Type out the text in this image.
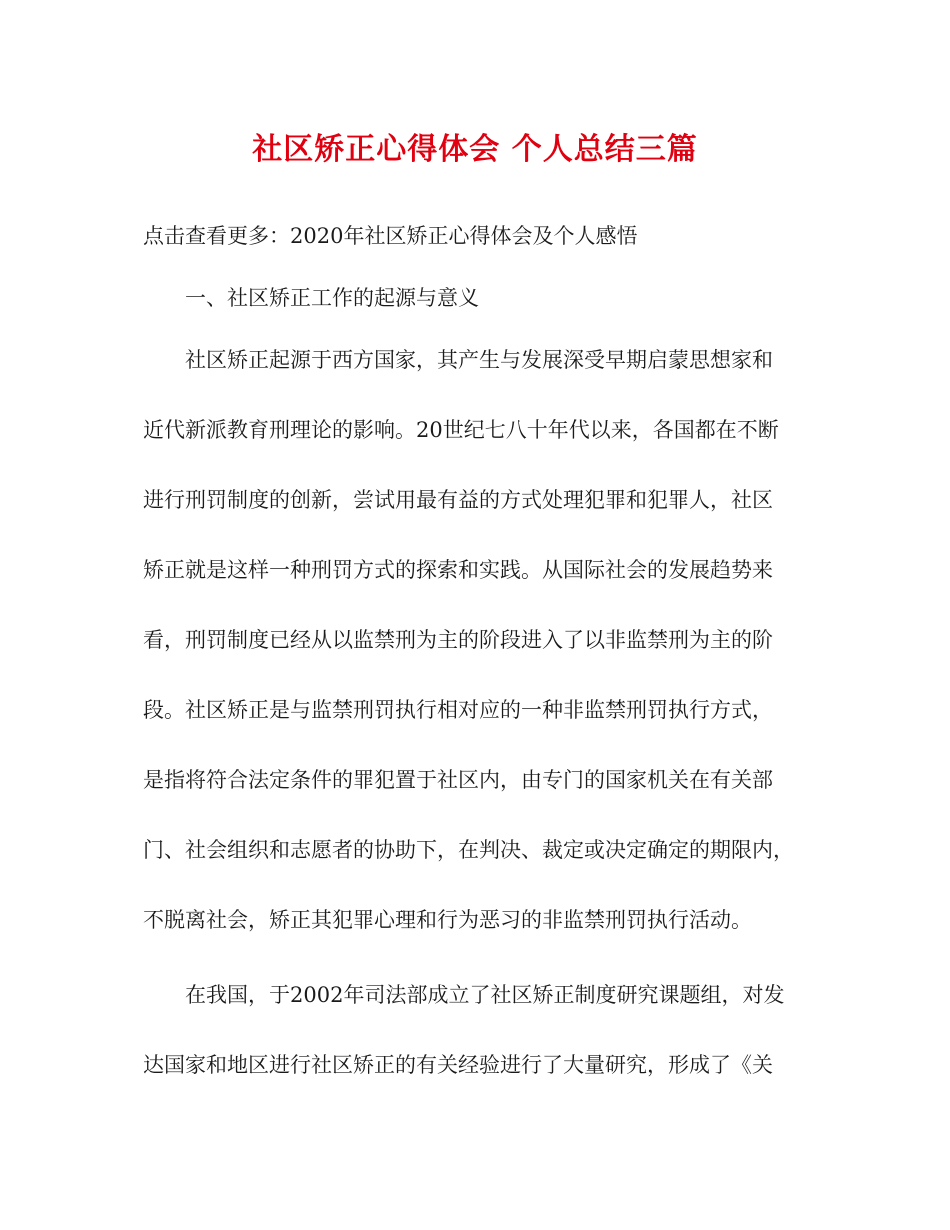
社区矫正心得体会 个人总结三篇
点击查看更多：2020年社区矫正心得体会及个人感悟
一、社区矫正工作的起源与意义
社区矫正起源于西方国家，其产生与发展深受早期启蒙思想家和
近代新派教育刑理论的影响。20世纪七八十年代以来，各国都在不断
进行刑罚制度的创新，尝试用最有益的方式处理犯罪和犯罪人，社区
矫正就是这样一种刑罚方式的探索和实践。从国际社会的发展趋势来
看，刑罚制度已经从以监禁刑为主的阶段进入了以非监禁刑为主的阶
段。社区矫正是与监禁刑罚执行相对应的一种非监禁刑罚执行方式，
是指将符合法定条件的罪犯置于社区内，由专门的国家机关在有关部
门、社会组织和志愿者的协助下，在判决、裁定或决定确定的期限内，
不脱离社会，矫正其犯罪心理和行为恶习的非监禁刑罚执行活动。
在我国，于2002年司法部成立了社区矫正制度研究课题组，对发
达国家和地区进行社区矫正的有关经验进行了大量研究，形成了《关
